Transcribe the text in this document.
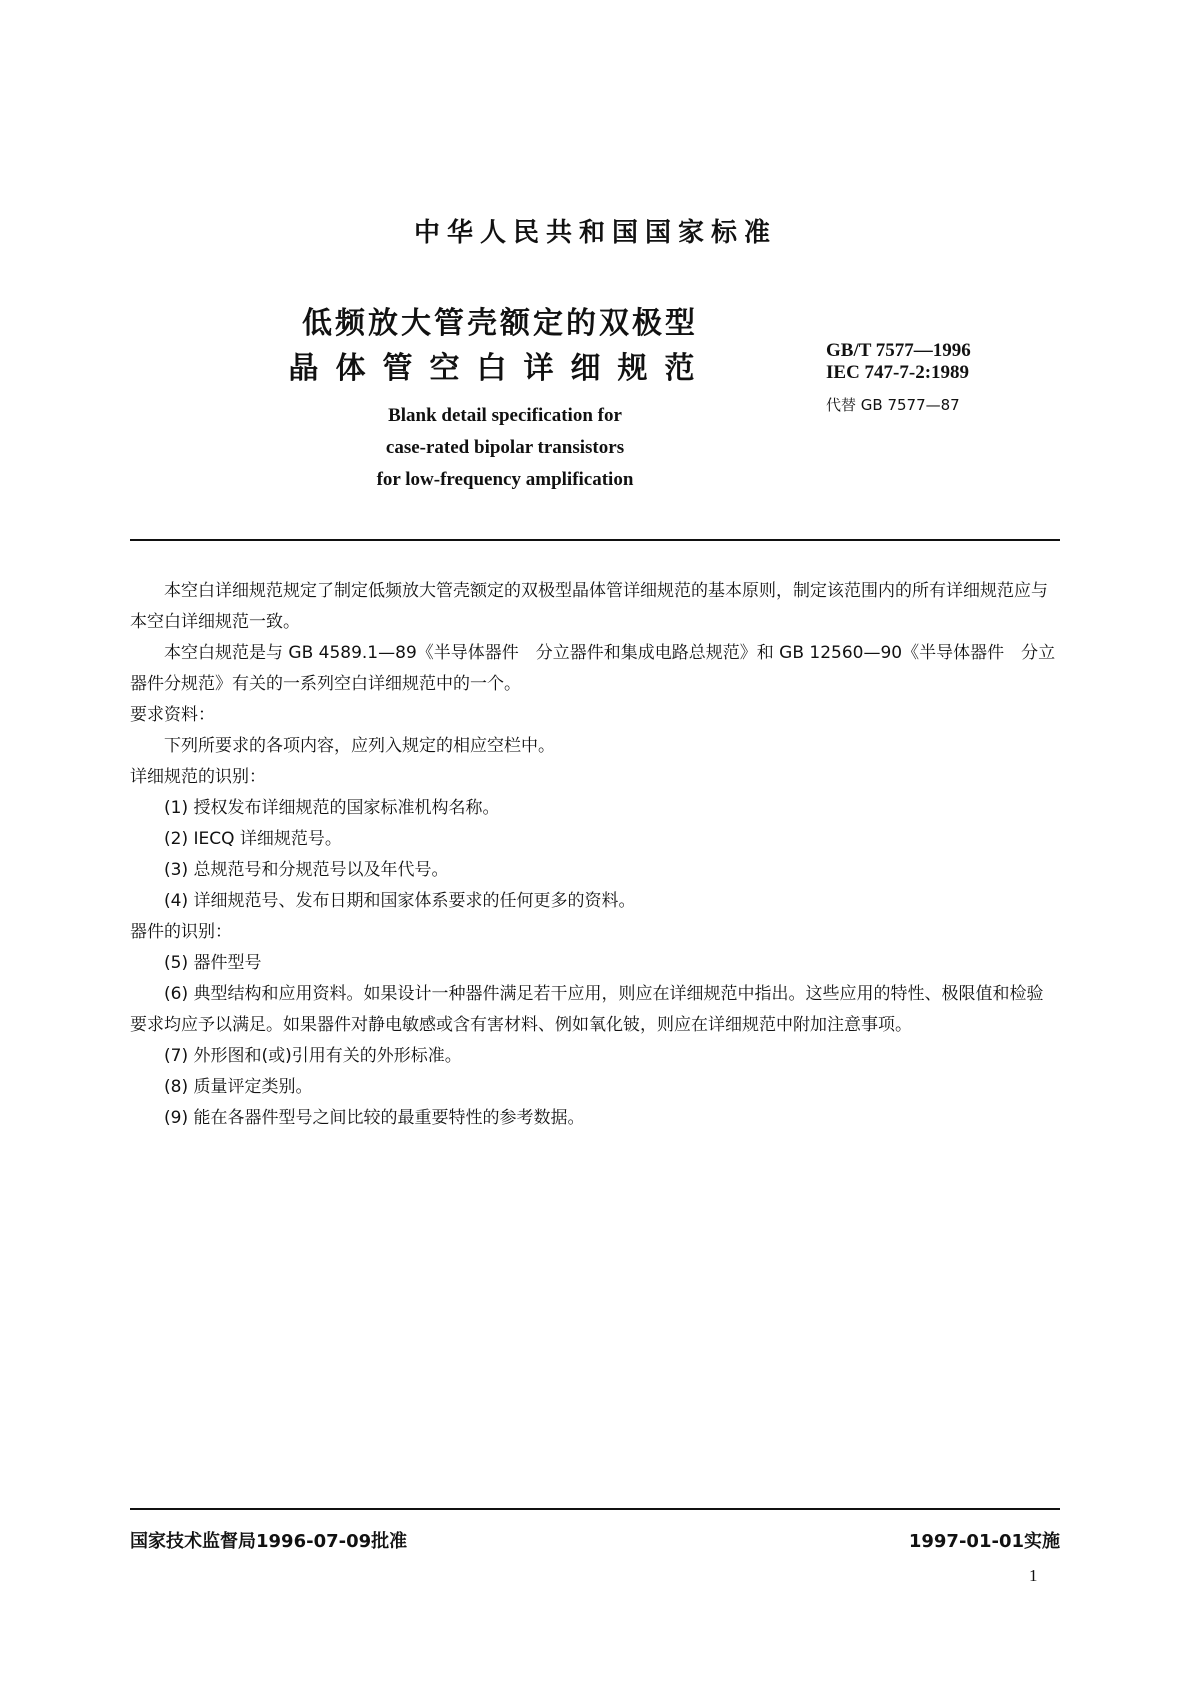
中华人民共和国国家标准
低频放大管壳额定的双极型
晶体管空白详细规范
Blank detail specification for
case-rated bipolar transistors
for low-frequency amplification
GB/T 7577—1996
IEC 747-7-2:1989
代替 GB 7577—87

本空白详细规范规定了制定低频放大管壳额定的双极型晶体管详细规范的基本原则，制定该范围内的所有详细规范应与本空白详细规范一致。

本空白规范是与 GB 4589.1—89《半导体器件　分立器件和集成电路总规范》和 GB 12560—90《半导体器件　分立器件分规范》有关的一系列空白详细规范中的一个。

要求资料：

下列所要求的各项内容，应列入规定的相应空栏中。

详细规范的识别：

(1) 授权发布详细规范的国家标准机构名称。

(2) IECQ 详细规范号。

(3) 总规范号和分规范号以及年代号。

(4) 详细规范号、发布日期和国家体系要求的任何更多的资料。

器件的识别：

(5) 器件型号

(6) 典型结构和应用资料。如果设计一种器件满足若干应用，则应在详细规范中指出。这些应用的特性、极限值和检验要求均应予以满足。如果器件对静电敏感或含有害材料、例如氧化铍，则应在详细规范中附加注意事项。

(7) 外形图和(或)引用有关的外形标准。

(8) 质量评定类别。

(9) 能在各器件型号之间比较的最重要特性的参考数据。

国家技术监督局1996-07-09批准	1997-01-01实施
1
